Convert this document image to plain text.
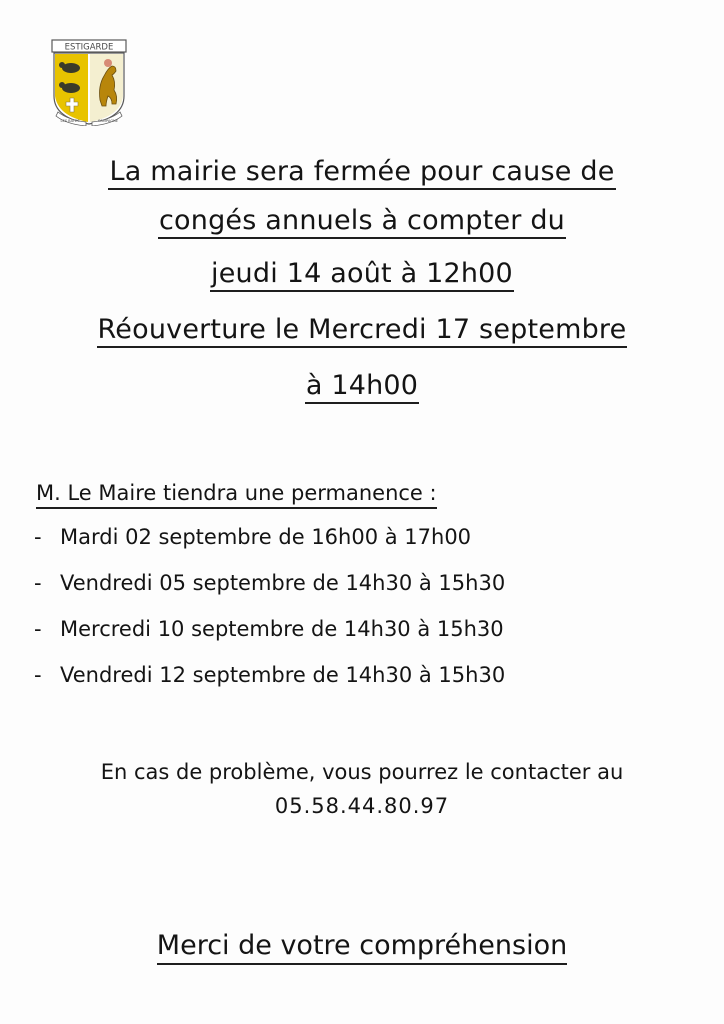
ESTIGARDE
LES BAYES	CAMPAGNE
La mairie sera fermée pour cause de
congés annuels à compter du
jeudi 14 août à 12h00
Réouverture le Mercredi 17 septembre
à 14h00
M. Le Maire tiendra une permanence :
- Mardi 02 septembre de 16h00 à 17h00
- Vendredi 05 septembre de 14h30 à 15h30
- Mercredi 10 septembre de 14h30 à 15h30
- Vendredi 12 septembre de 14h30 à 15h30
En cas de problème, vous pourrez le contacter au
05.58.44.80.97
Merci de votre compréhension
